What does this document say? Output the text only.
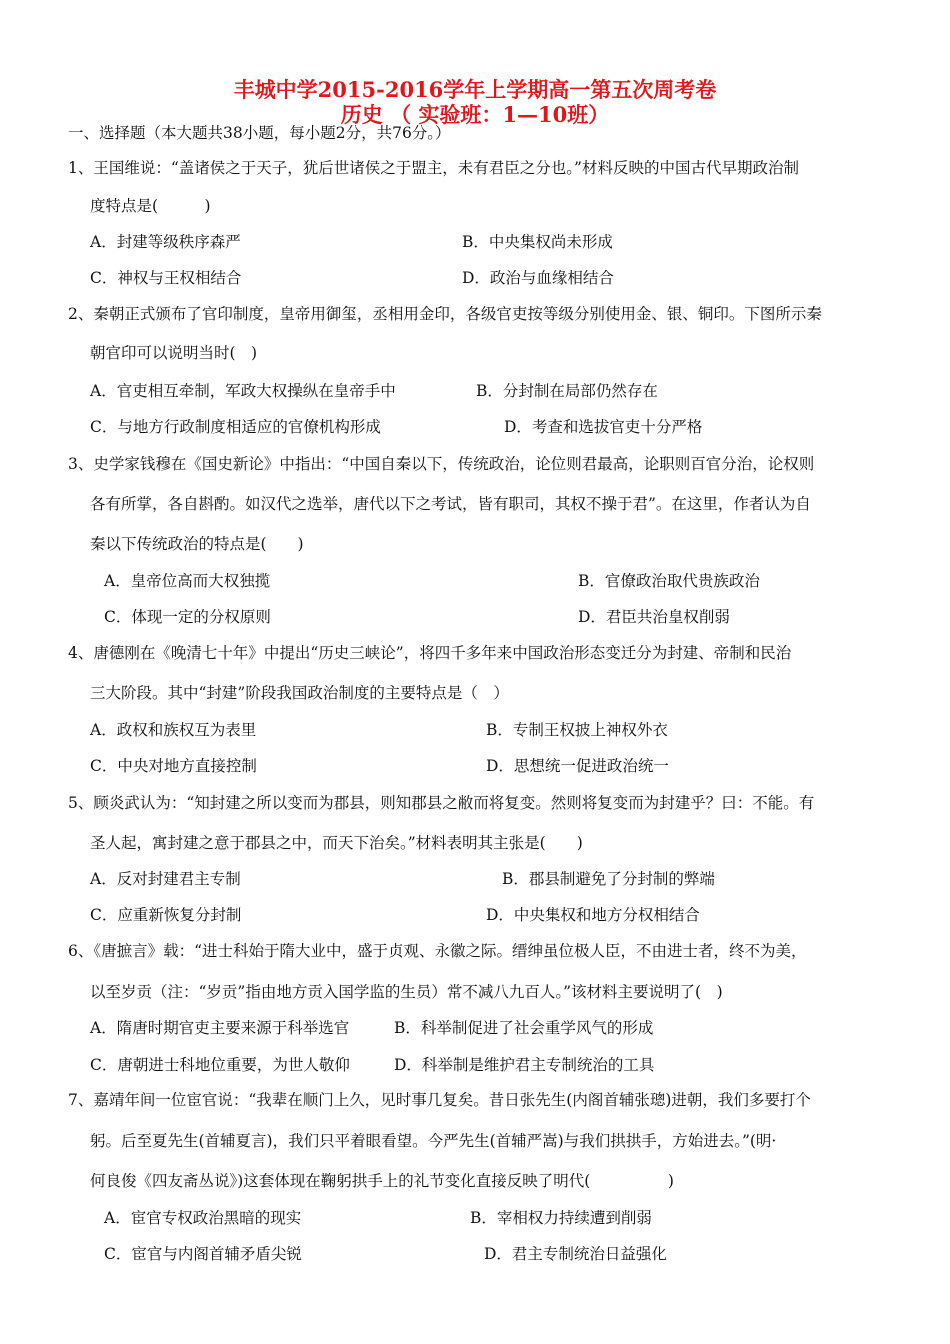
丰城中学2015-2016学年上学期高一第五次周考卷
历史 （ 实验班：1—10班）
一、选择题（本大题共38小题，每小题2分，共76分。）
1、王国维说：“盖诸侯之于天子，犹后世诸侯之于盟主，未有君臣之分也。”材料反映的中国古代早期政治制
度特点是(　　　)
A．封建等级秩序森严	B．中央集权尚未形成
C．神权与王权相结合	D．政治与血缘相结合
2、秦朝正式颁布了官印制度，皇帝用御玺，丞相用金印，各级官吏按等级分别使用金、银、铜印。下图所示秦
朝官印可以说明当时(　)
A．官吏相互牵制，军政大权操纵在皇帝手中	B．分封制在局部仍然存在
C．与地方行政制度相适应的官僚机构形成	D．考查和选拔官吏十分严格
3、史学家钱穆在《国史新论》中指出：“中国自秦以下，传统政治，论位则君最高，论职则百官分治，论权则
各有所掌，各自斟酌。如汉代之选举，唐代以下之考试，皆有职司，其权不操于君”。在这里，作者认为自
秦以下传统政治的特点是(　　)
A．皇帝位高而大权独揽	B．官僚政治取代贵族政治
C．体现一定的分权原则	D．君臣共治皇权削弱
4、唐德刚在《晚清七十年》中提出“历史三峡论”，将四千多年来中国政治形态变迁分为封建、帝制和民治
三大阶段。其中“封建”阶段我国政治制度的主要特点是（　）
A．政权和族权互为表里	B．专制王权披上神权外衣
C．中央对地方直接控制	D．思想统一促进政治统一
5、顾炎武认为：“知封建之所以变而为郡县，则知郡县之敝而将复变。然则将复变而为封建乎？曰：不能。有
圣人起，寓封建之意于郡县之中，而天下治矣。”材料表明其主张是(　　)
A．反对封建君主专制	B．郡县制避免了分封制的弊端
C．应重新恢复分封制	D．中央集权和地方分权相结合
6、《唐摭言》载：“进士科始于隋大业中，盛于贞观、永徽之际。缙绅虽位极人臣，不由进士者，终不为美，
以至岁贡（注：“岁贡”指由地方贡入国学监的生员）常不减八九百人。”该材料主要说明了(　)
A．隋唐时期官吏主要来源于科举选官	B．科举制促进了社会重学风气的形成
C．唐朝进士科地位重要，为世人敬仰	D．科举制是维护君主专制统治的工具
7、嘉靖年间一位宦官说：“我辈在顺门上久，见时事几复矣。昔日张先生(内阁首辅张璁)进朝，我们多要打个
躬。后至夏先生(首辅夏言)，我们只平着眼看望。今严先生(首辅严嵩)与我们拱拱手，方始进去。”(明·
何良俊《四友斋丛说》)这套体现在鞠躬拱手上的礼节变化直接反映了明代(　　　　　)
A．宦官专权政治黑暗的现实	B．宰相权力持续遭到削弱
C．宦官与内阁首辅矛盾尖锐	D．君主专制统治日益强化
